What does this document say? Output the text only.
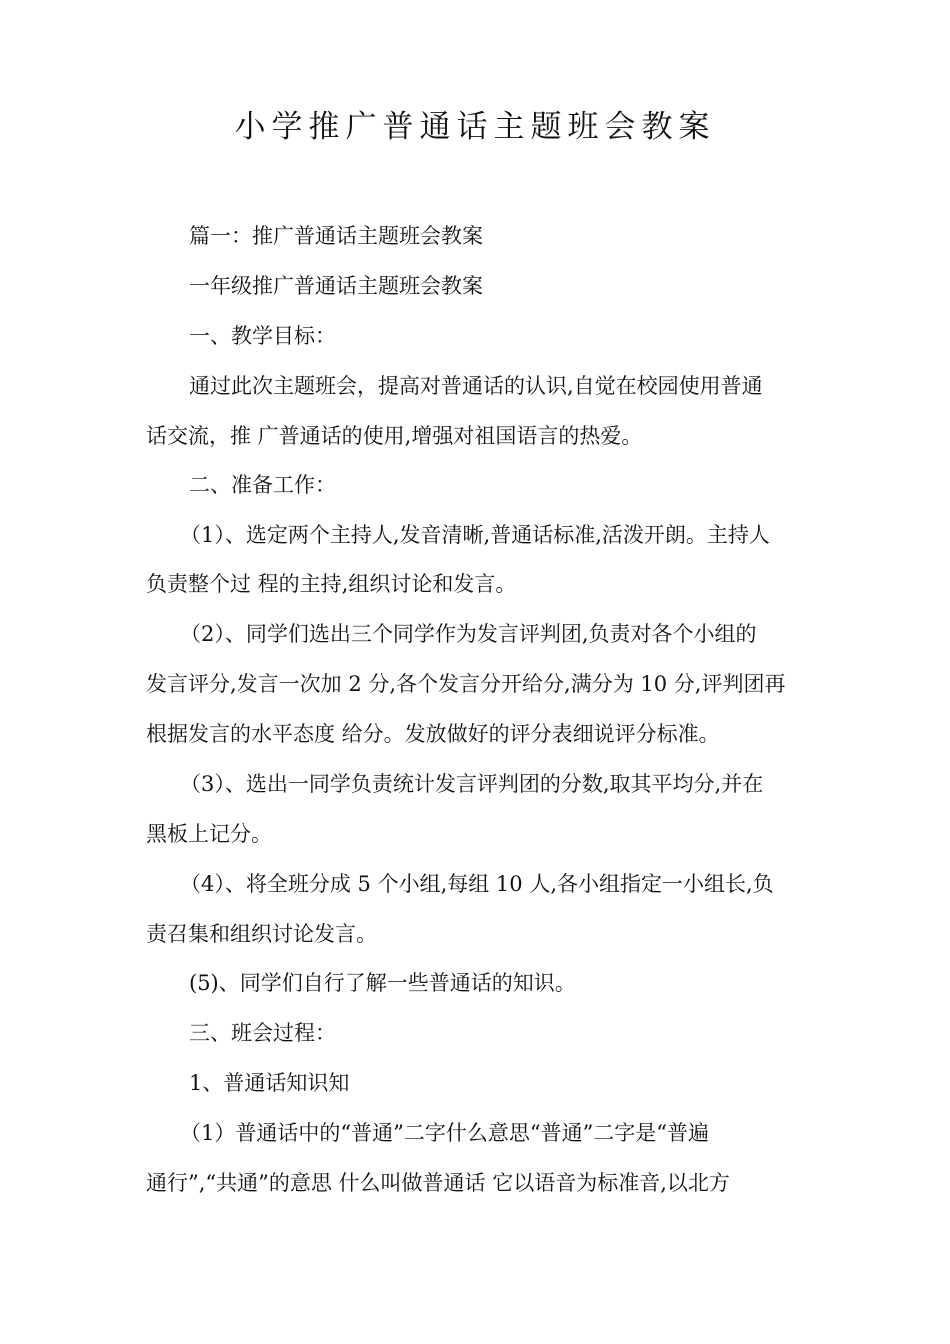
小学推广普通话主题班会教案

篇一：推广普通话主题班会教案

一年级推广普通话主题班会教案

一、教学目标：

通过此次主题班会，提高对普通话的认识,自觉在校园使用普通

话交流，推 广普通话的使用,增强对祖国语言的热爱。

二、准备工作：

（1）、选定两个主持人,发音清晰,普通话标准,活泼开朗。主持人

负责整个过 程的主持,组织讨论和发言。

（2）、同学们选出三个同学作为发言评判团,负责对各个小组的

发言评分,发言一次加 2 分,各个发言分开给分,满分为 10 分,评判团再

根据发言的水平态度 给分。发放做好的评分表细说评分标准。

（3）、选出一同学负责统计发言评判团的分数,取其平均分,并在

黑板上记分。

（4）、将全班分成 5 个小组,每组 10 人,各小组指定一小组长,负

责召集和组织讨论发言。

(5)、同学们自行了解一些普通话的知识。

三、班会过程：

1、普通话知识知

（1）普通话中的“普通”二字什么意思“普通”二字是“普遍

通行”,“共通”的意思 什么叫做普通话 它以语音为标准音,以北方
